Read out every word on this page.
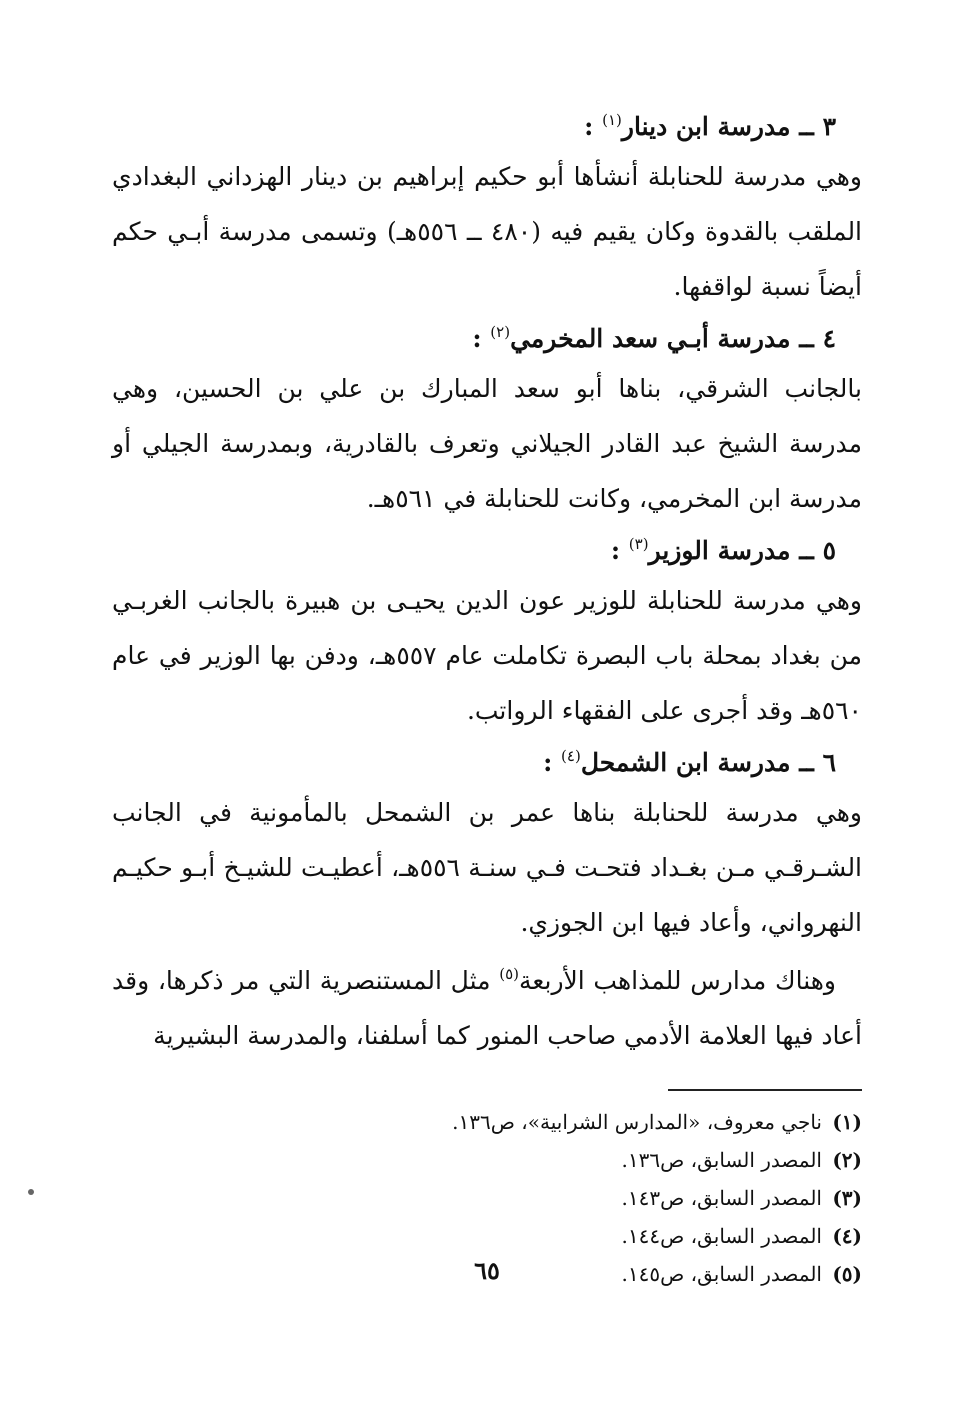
٣ ــ مدرسة ابن دينار$^{(١)}$ :

وهي مدرسة للحنابلة أنشأها أبو حكيم إبراهيم بن دينار الهزداني البغدادي الملقب بالقدوة وكان يقيم فيه (٤٨٠ ــ ٥٥٦هـ) وتسمى مدرسة أبـي حكم أيضاً نسبة لواقفها.

٤ ــ مدرسة أبـي سعد المخرمي$^{(٢)}$ :

بالجانب الشرقي، بناها أبو سعد المبارك بن علي بن الحسين، وهي مدرسة الشيخ عبد القادر الجيلاني وتعرف بالقادرية، وبمدرسة الجيلي أو مدرسة ابن المخرمي، وكانت للحنابلة في ٥٦١هـ.

٥ ــ مدرسة الوزير$^{(٣)}$ :

وهي مدرسة للحنابلة للوزير عون الدين يحيـى بن هبيرة بالجانب الغربـي من بغداد بمحلة باب البصرة تكاملت عام ٥٥٧هـ، ودفن بها الوزير في عام ٥٦٠هـ وقد أجرى على الفقهاء الرواتب.

٦ ــ مدرسة ابن الشمحل$^{(٤)}$ :

وهي مدرسة للحنابلة بناها عمر بن الشمحل بالمأمونية في الجانب الشـرقـي مـن بغـداد فتحـت فـي سنـة ٥٥٦هـ، أعطيـت للشيـخ أبـو حكيـم النهرواني، وأعاد فيها ابن الجوزي.

وهناك مدارس للمذاهب الأربعة$^{(٥)}$ مثل المستنصرية التي مر ذكرها، وقد أعاد فيها العلامة الأدمي صاحب المنور كما أسلفنا، والمدرسة البشيرية

(١)ناجي معروف، «المدارس الشرابية»، ص١٣٦.
(٢)المصدر السابق، ص١٣٦.
(٣)المصدر السابق، ص١٤٣.
(٤)المصدر السابق، ص١٤٤.
(٥)المصدر السابق، ص١٤٥.
٦٥
